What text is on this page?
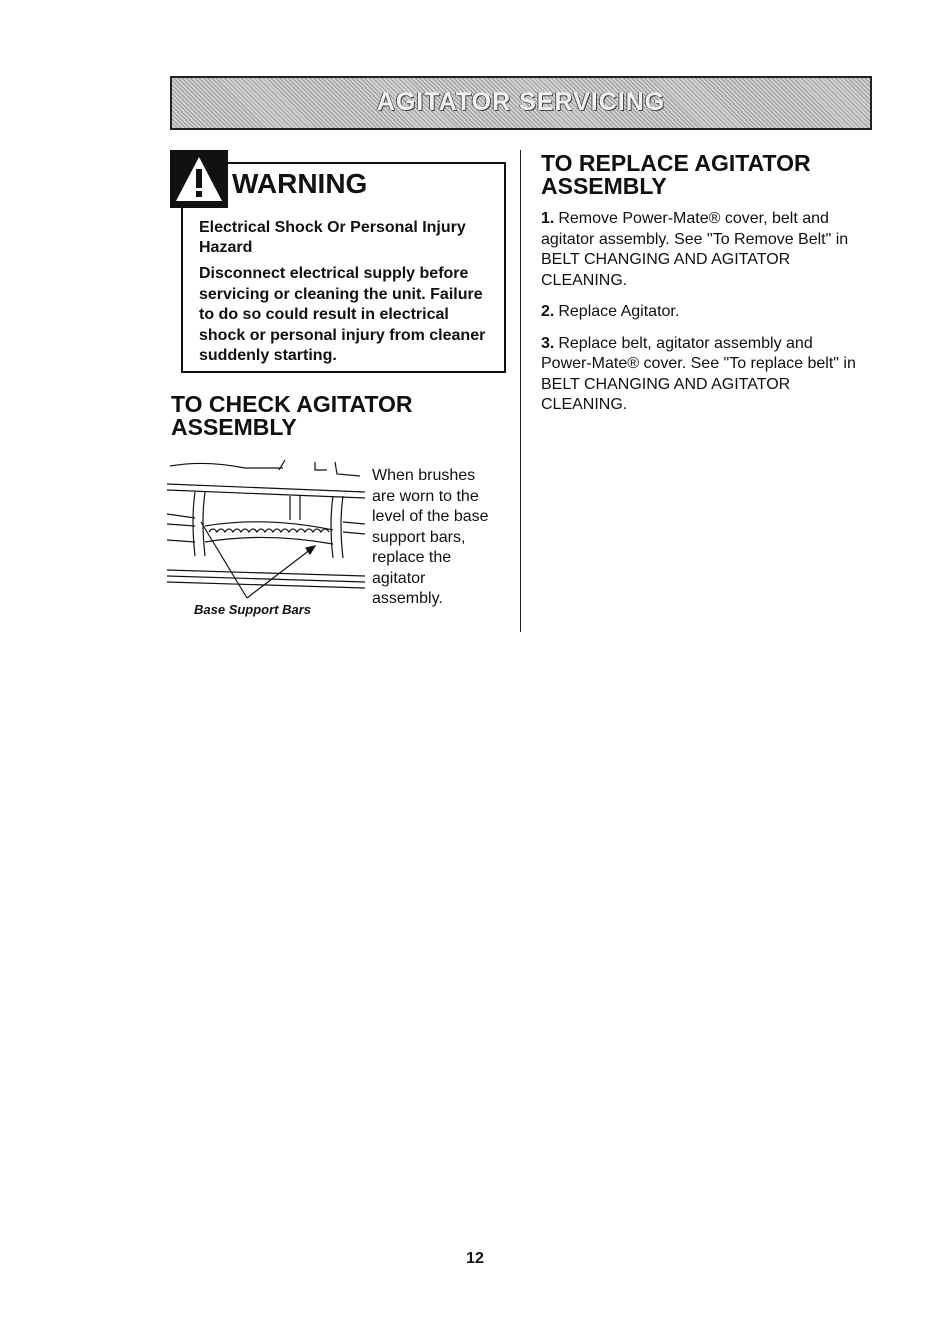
AGITATOR SERVICING
WARNING
Electrical Shock Or Personal Injury Hazard
Disconnect electrical supply before servicing or cleaning the unit. Failure to do so could result in electrical shock or personal injury from cleaner suddenly starting.
TO CHECK AGITATOR
ASSEMBLY
When brushes are worn to the level of the base support bars, replace the agitator assembly.
Base Support Bars
TO REPLACE AGITATOR
ASSEMBLY
1. Remove Power-Mate® cover, belt and agitator assembly. See "To Remove Belt" in BELT CHANGING AND AGITATOR CLEANING.
2. Replace Agitator.
3. Replace belt, agitator assembly and Power-Mate® cover. See "To replace belt" in BELT CHANGING AND AGITATOR CLEANING.
12
